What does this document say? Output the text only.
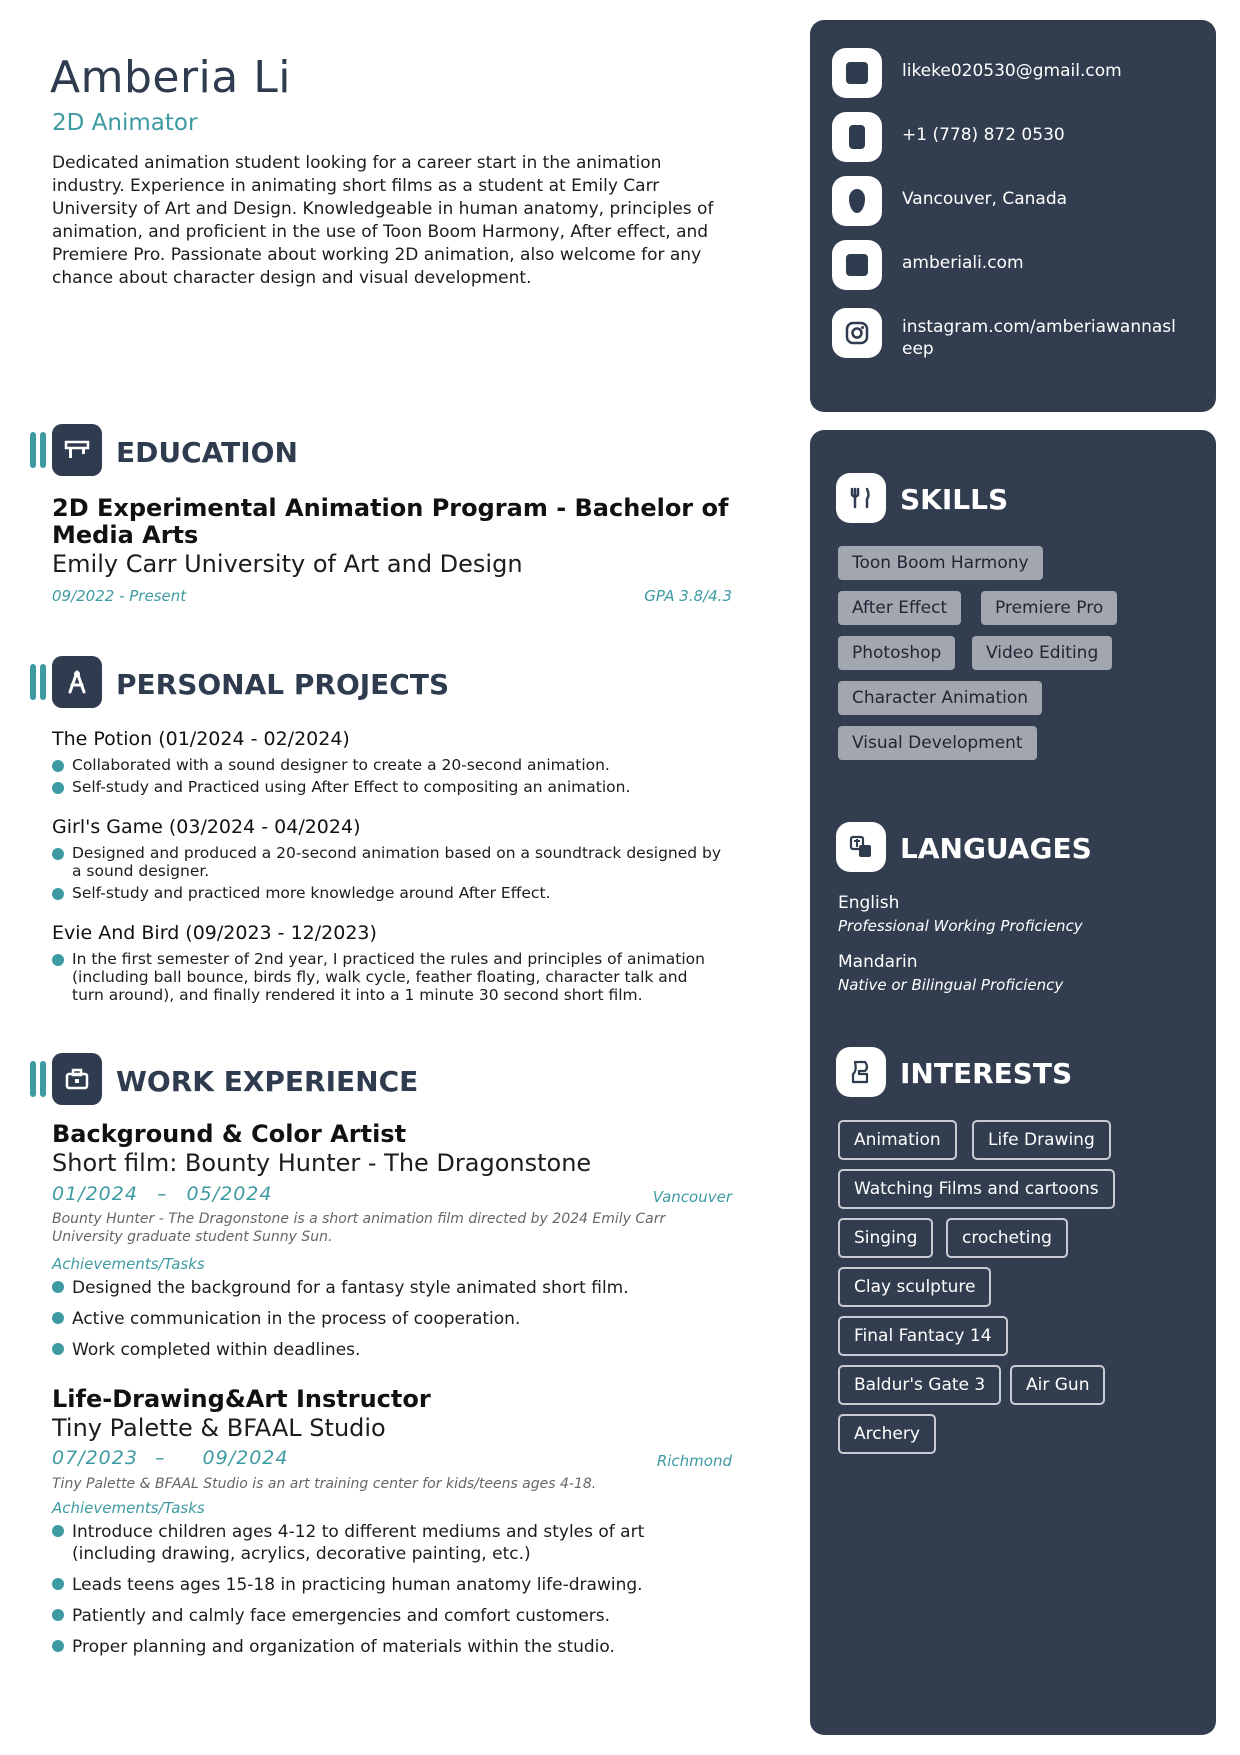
Amberia Li
2D Animator
Dedicated animation student looking for a career start in the animation industry. Experience in animating short films as a student at Emily Carr University of Art and Design. Knowledgeable in human anatomy, principles of animation, and proficient in the use of Toon Boom Harmony, After effect, and Premiere Pro. Passionate about working 2D animation, also welcome for any chance about character design and visual development.
EDUCATION
2D Experimental Animation Program - Bachelor of Media Arts
Emily Carr University of Art and Design
09/2022 - Present	GPA 3.8/4.3
PERSONAL PROJECTS
The Potion (01/2024 - 02/2024)
Collaborated with a sound designer to create a 20-second animation.
Self-study and Practiced using After Effect to compositing an animation.
Girl's Game (03/2024 - 04/2024)
Designed and produced a 20-second animation based on a soundtrack designed by a sound designer.
Self-study and practiced more knowledge around After Effect.
Evie And Bird (09/2023 - 12/2023)
In the first semester of 2nd year, I practiced the rules and principles of animation (including ball bounce, birds fly, walk cycle, feather floating, character talk and turn around), and finally rendered it into a 1 minute 30 second short film.
WORK EXPERIENCE
Background & Color Artist
Short film: Bounty Hunter - The Dragonstone
01/2024 – 05/2024	Vancouver
Bounty Hunter - The Dragonstone is a short animation film directed by 2024 Emily Carr University graduate student Sunny Sun.
Achievements/Tasks
Designed the background for a fantasy style animated short film.
Active communication in the process of cooperation.
Work completed within deadlines.
Life-Drawing&Art Instructor
Tiny Palette & BFAAL Studio
07/2023 – 09/2024	Richmond
Tiny Palette & BFAAL Studio is an art training center for kids/teens ages 4-18.
Achievements/Tasks
Introduce children ages 4-12 to different mediums and styles of art (including drawing, acrylics, decorative painting, etc.)
Leads teens ages 15-18 in practicing human anatomy life-drawing.
Patiently and calmly face emergencies and comfort customers.
Proper planning and organization of materials within the studio.
likeke020530@gmail.com
+1 (778) 872 0530
Vancouver, Canada
amberiali.com
instagram.com/amberiawannasleep
SKILLS
Toon Boom Harmony
After Effect	Premiere Pro
Photoshop	Video Editing
Character Animation
Visual Development
LANGUAGES
English
Professional Working Proficiency
Mandarin
Native or Bilingual Proficiency
INTERESTS
Animation	Life Drawing
Watching Films and cartoons
Singing	crocheting
Clay sculpture
Final Fantacy 14
Baldur's Gate 3	Air Gun
Archery
